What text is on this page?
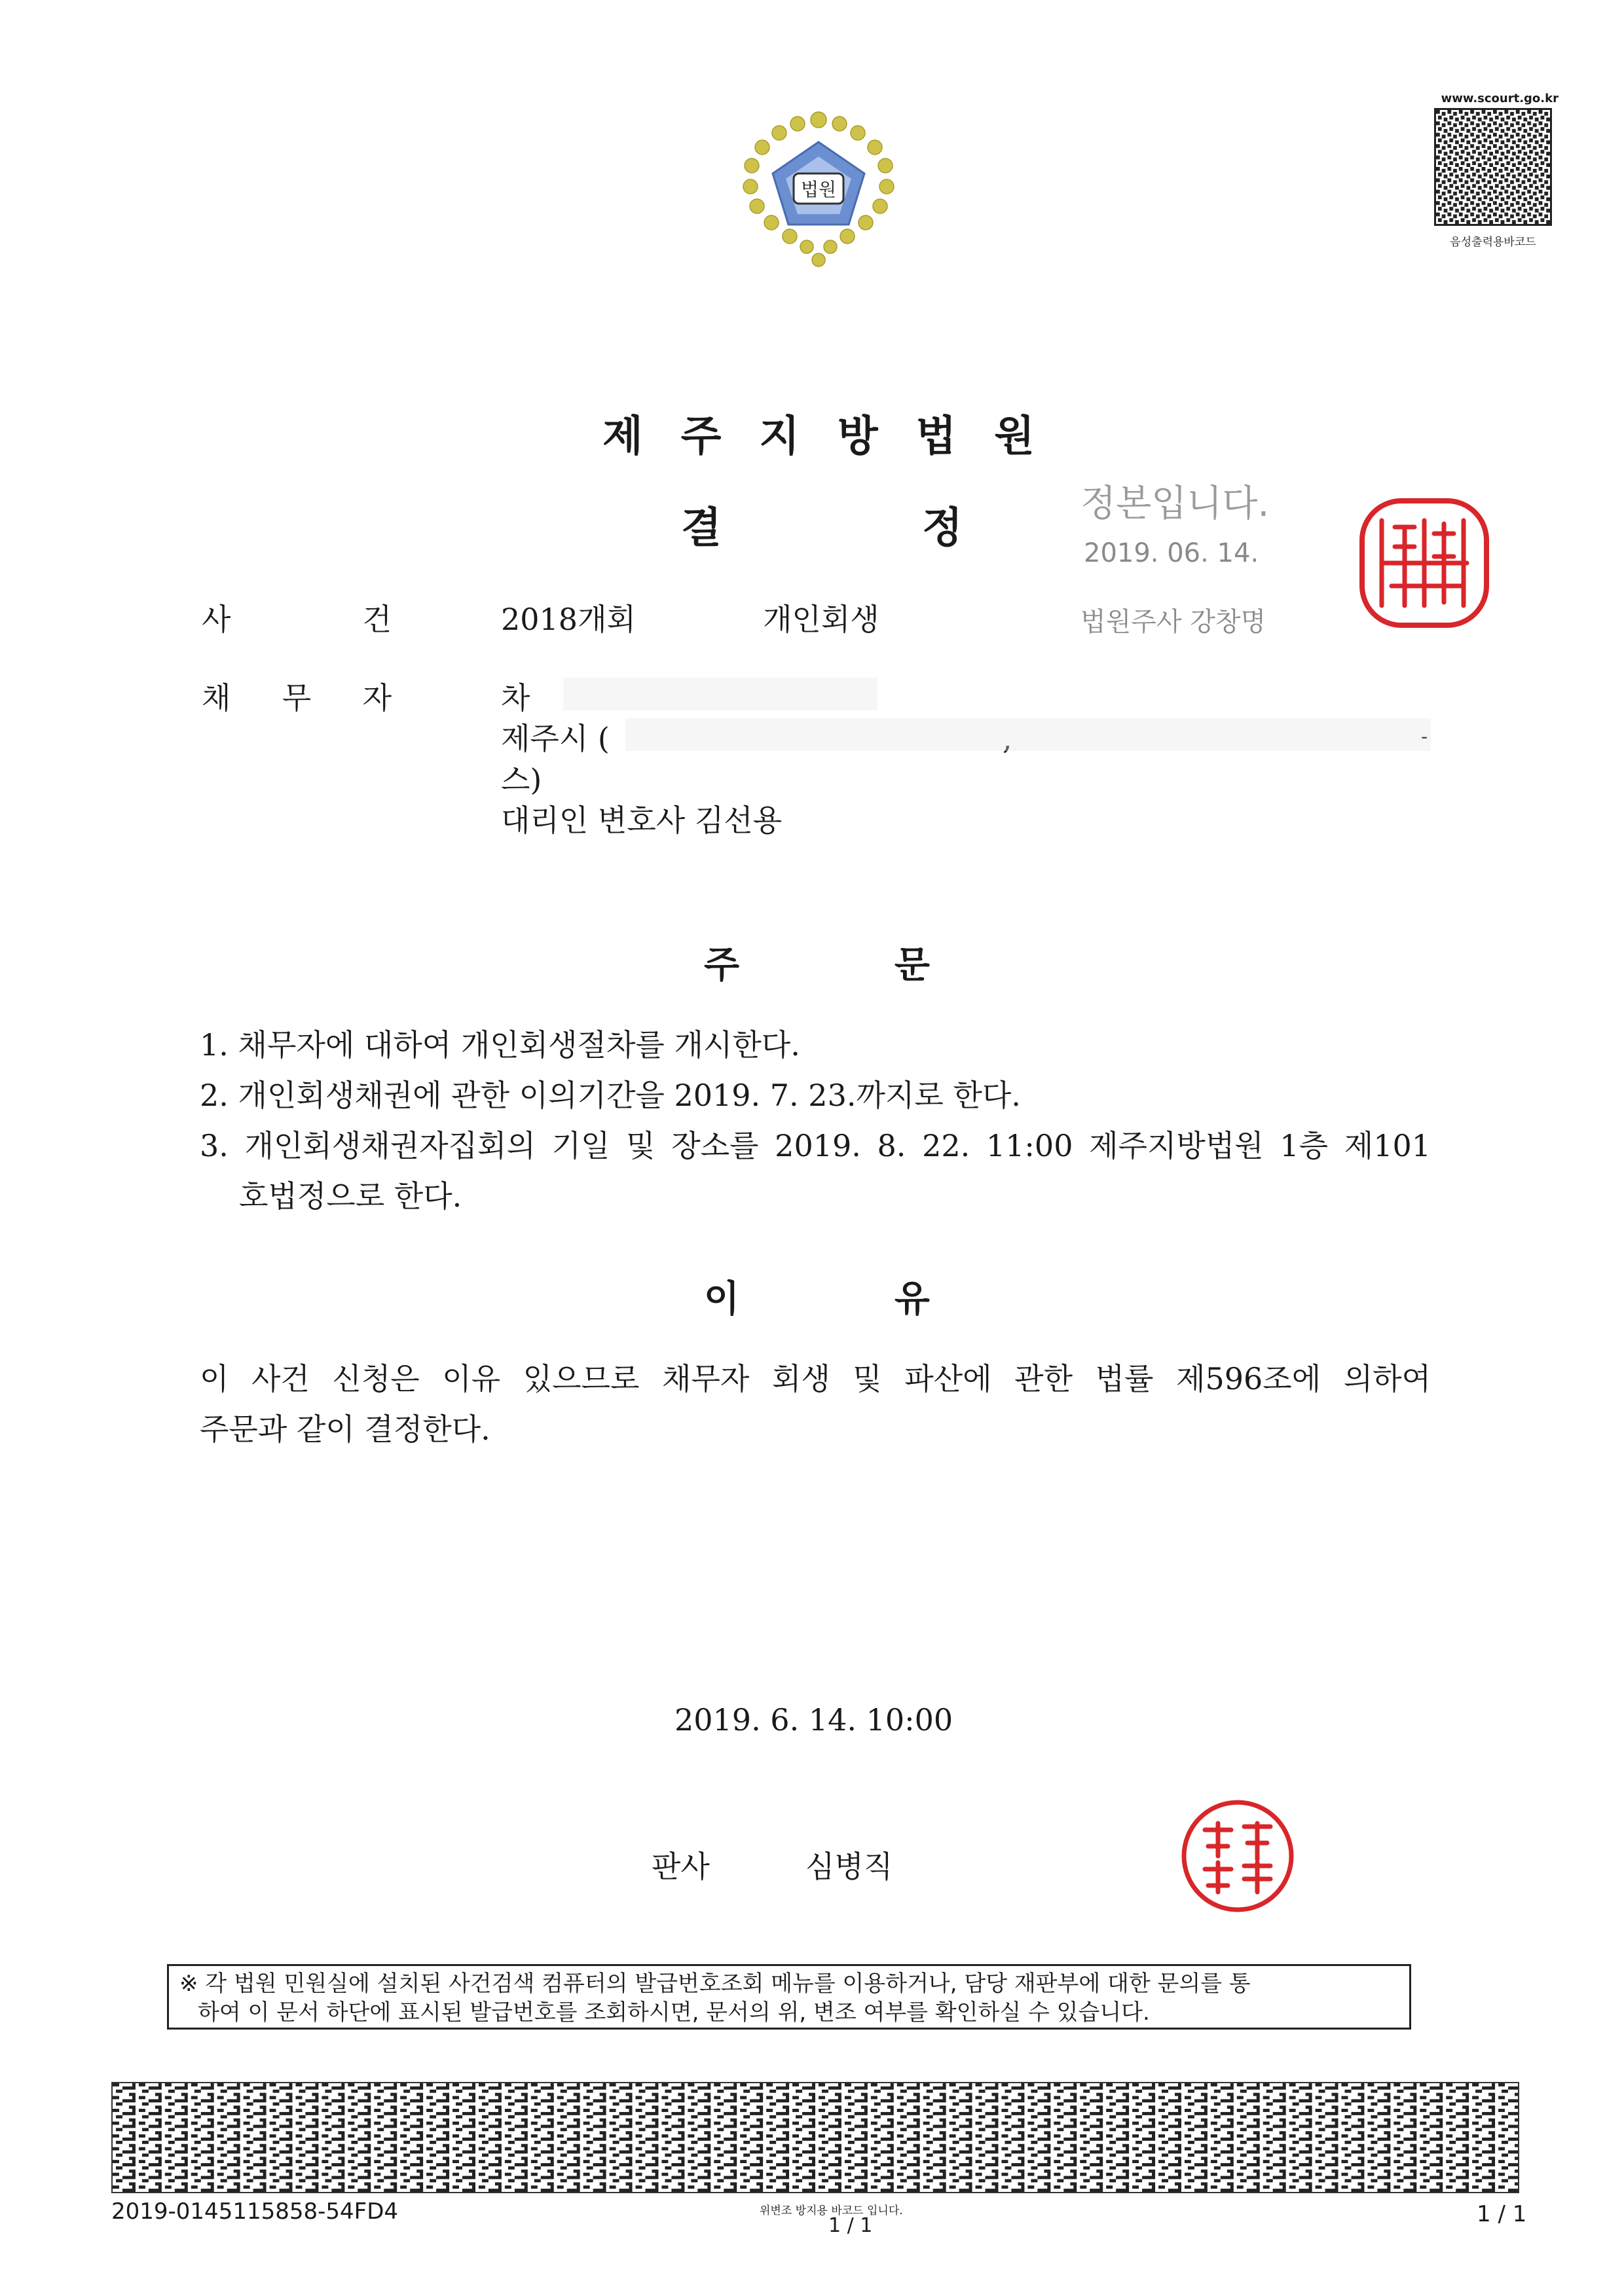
법원
www.scourt.go.kr
음성출력용바코드
제 주 지 방 법 원
결	정
정본입니다.
2019. 06. 14.
법원주사 강창명
사	건	2018개회	개인회생
채 무 자	차
제주시 (	,	-
스)
대리인 변호사 김선용
주	문
1. 채무자에 대하여 개인회생절차를 개시한다.
2. 개인회생채권에 관한 이의기간을 2019. 7. 23.까지로 한다.
3. 개인회생채권자집회의 기일 및 장소를 2019. 8. 22. 11:00 제주지방법원 1층 제101
호법정으로 한다.
이	유
이 사건 신청은 이유 있으므로 채무자 회생 및 파산에 관한 법률 제596조에 의하여
주문과 같이 결정한다.
2019. 6. 14. 10:00
판사	심병직
※ 각 법원 민원실에 설치된 사건검색 컴퓨터의 발급번호조회 메뉴를 이용하거나, 담당 재판부에 대한 문의를 통
하여 이 문서 하단에 표시된 발급번호를 조회하시면, 문서의 위, 변조 여부를 확인하실 수 있습니다.
2019-0145115858-54FD4	위변조 방지용 바코드 입니다.
1 / 1	1 / 1
